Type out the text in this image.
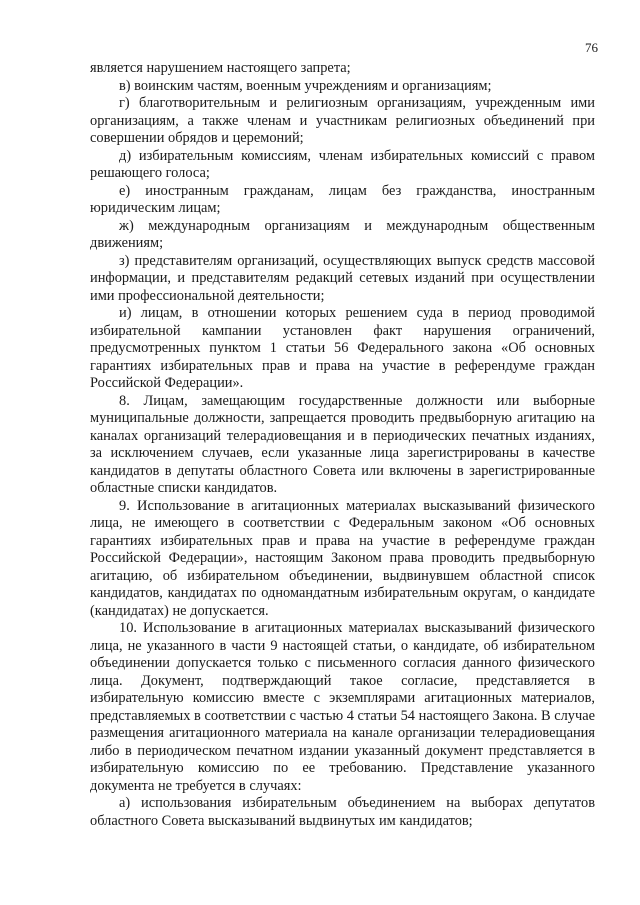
76

является нарушением настоящего запрета;

в) воинским частям, военным учреждениям и организациям;

г) благотворительным и религиозным организациям, учрежденным ими организациям, а также членам и участникам религиозных объединений при совершении обрядов и церемоний;

д) избирательным комиссиям, членам избирательных комиссий с правом решающего голоса;

е) иностранным гражданам, лицам без гражданства, иностранным юридическим лицам;

ж) международным организациям и международным общественным движениям;

з) представителям организаций, осуществляющих выпуск средств массовой информации, и представителям редакций сетевых изданий при осуществлении ими профессиональной деятельности;

и) лицам, в отношении которых решением суда в период проводимой избирательной кампании установлен факт нарушения ограничений, предусмотренных пунктом 1 статьи 56 Федерального закона «Об основных гарантиях избирательных прав и права на участие в референдуме граждан Российской Федерации».

8. Лицам, замещающим государственные должности или выборные муниципальные должности, запрещается проводить предвыборную агитацию на каналах организаций телерадиовещания и в периодических печатных изданиях, за исключением случаев, если указанные лица зарегистрированы в качестве кандидатов в депутаты областного Совета или включены в зарегистрированные областные списки кандидатов.

9. Использование в агитационных материалах высказываний физического лица, не имеющего в соответствии с Федеральным законом «Об основных гарантиях избирательных прав и права на участие в референдуме граждан Российской Федерации», настоящим Законом права проводить предвыборную агитацию, об избирательном объединении, выдвинувшем областной список кандидатов, кандидатах по одномандатным избирательным округам, о кандидате (кандидатах) не допускается.

10. Использование в агитационных материалах высказываний физического лица, не указанного в части 9 настоящей статьи, о кандидате, об избирательном объединении допускается только с письменного согласия данного физического лица. Документ, подтверждающий такое согласие, представляется в избирательную комиссию вместе с экземплярами агитационных материалов, представляемых в соответствии с частью 4 статьи 54 настоящего Закона. В случае размещения агитационного материала на канале организации телерадиовещания либо в периодическом печатном издании указанный документ представляется в избирательную комиссию по ее требованию. Представление указанного документа не требуется в случаях:

а) использования избирательным объединением на выборах депутатов областного Совета высказываний выдвинутых им кандидатов;
